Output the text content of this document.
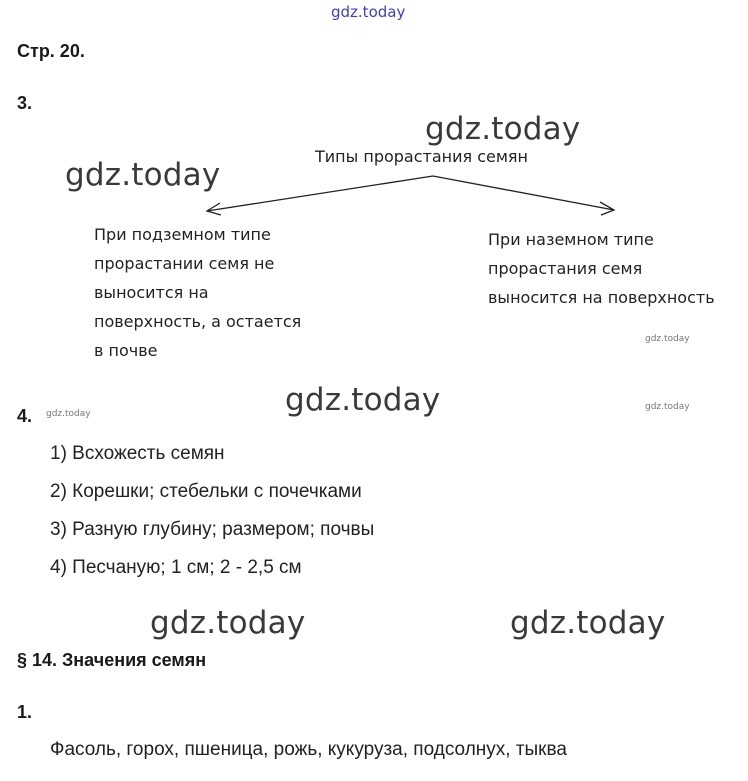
gdz.today
Стр. 20.
3.
gdz.today
gdz.today
Типы прорастания семян
При подземном типе
прорастании семя не
выносится на
поверхность, а остается
в почве
При наземном типе
прорастания семя
выносится на поверхность
gdz.today
4. gdz.today	gdz.today	gdz.today
1) Всхожесть семян
2) Корешки; стебельки с почечками
3) Разную глубину; размером; почвы
4) Песчаную; 1 см; 2 - 2,5 см
gdz.today	gdz.today
§ 14. Значения семян
1.
Фасоль, горох, пшеница, рожь, кукуруза, подсолнух, тыква
